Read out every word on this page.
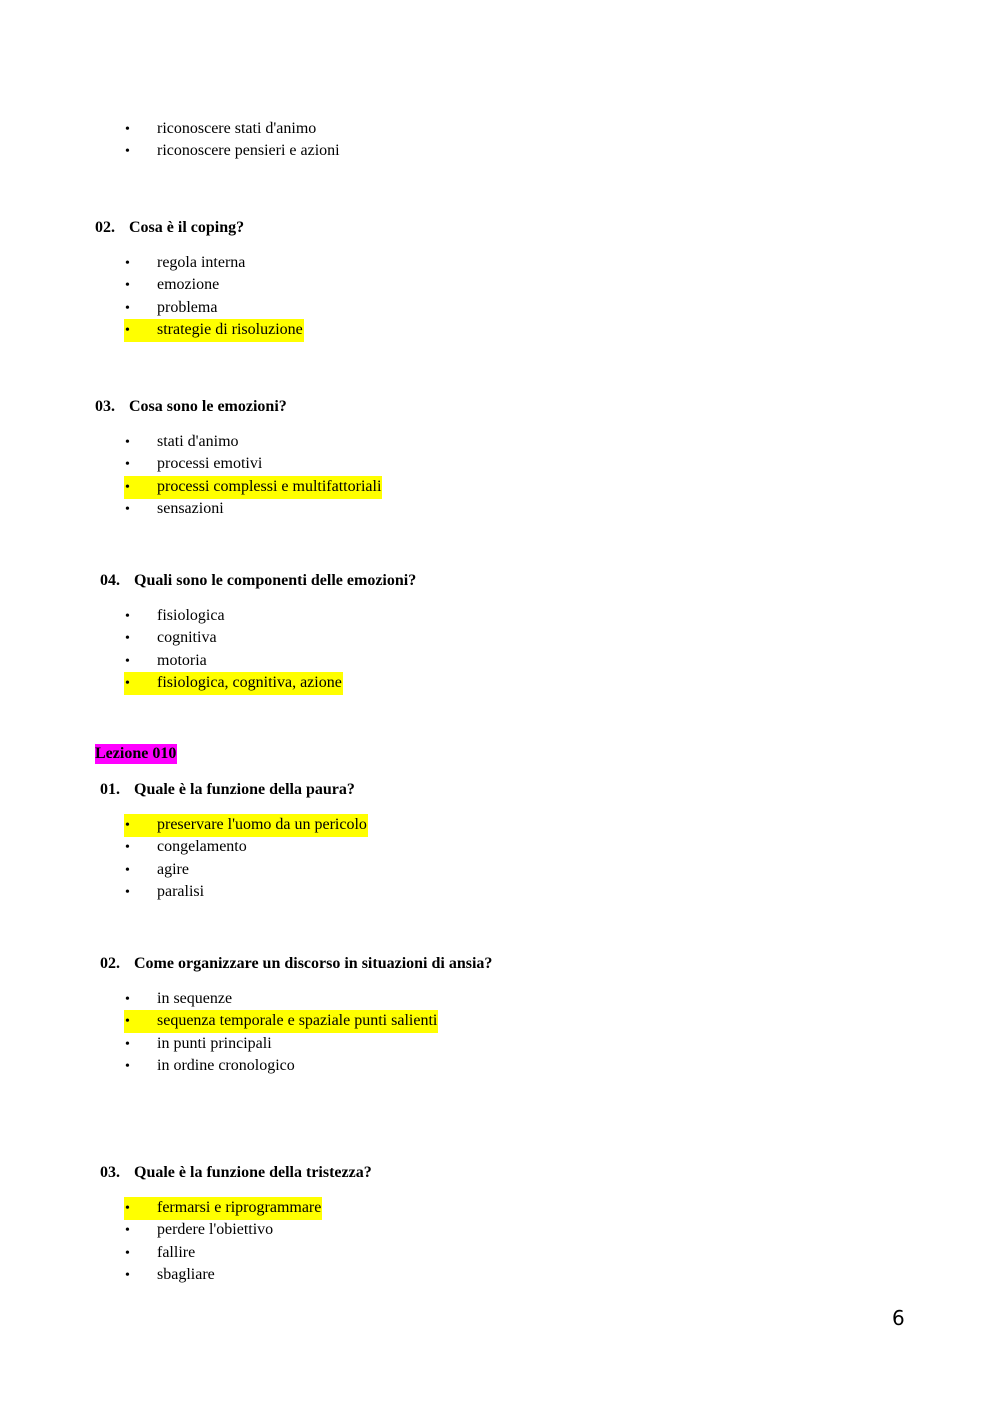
• riconoscere stati d'animo
• riconoscere pensieri e azioni
02. Cosa è il coping?
• regola interna
• emozione
• problema
• strategie di risoluzione
03. Cosa sono le emozioni?
• stati d'animo
• processi emotivi
• processi complessi e multifattoriali
• sensazioni
04. Quali sono le componenti delle emozioni?
• fisiologica
• cognitiva
• motoria
• fisiologica, cognitiva, azione
Lezione 010
01. Quale è la funzione della paura?
• preservare l'uomo da un pericolo
• congelamento
• agire
• paralisi
02. Come organizzare un discorso in situazioni di ansia?
• in sequenze
• sequenza temporale e spaziale punti salienti
• in punti principali
• in ordine cronologico
03. Quale è la funzione della tristezza?
• fermarsi e riprogrammare
• perdere l'obiettivo
• fallire
• sbagliare
6
